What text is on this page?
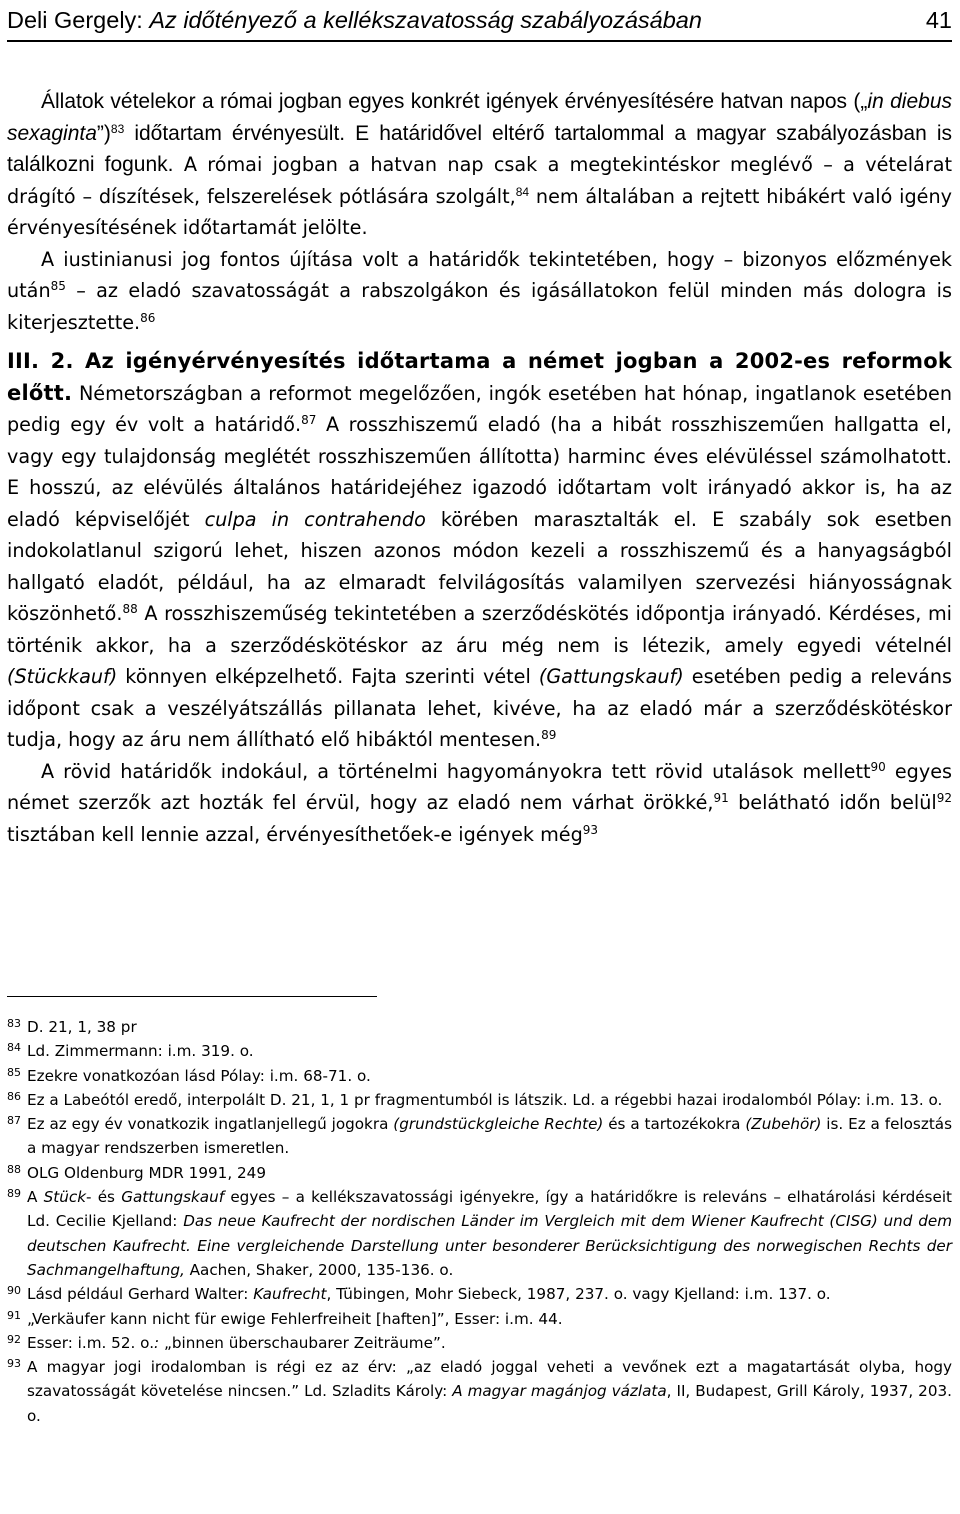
Deli Gergely: Az időtényező a kellékszavatosság szabályozásában	41

Állatok vételekor a római jogban egyes konkrét igények érvényesítésére hatvan napos („in diebus sexaginta”)$^{83}$ időtartam érvényesült. E határidővel eltérő tartalommal a magyar szabályozásban is találkozni fogunk. A római jogban a hatvan nap csak a megtekintéskor meglévő – a vételárat drágító – díszítések, felszerelések pótlására szolgált,$^{84}$ nem általában a rejtett hibákért való igény érvényesítésének időtartamát jelölte.

A iustinianusi jog fontos újítása volt a határidők tekintetében, hogy – bizonyos előzmények után$^{85}$ – az eladó szavatosságát a rabszolgákon és igásállatokon felül minden más dologra is kiterjesztette.$^{86}$

III. 2. Az igényérvényesítés időtartama a német jogban a 2002-es reformok előtt. Németországban a reformot megelőzően, ingók esetében hat hónap, ingatlanok esetében pedig egy év volt a határidő.$^{87}$ A rosszhiszemű eladó (ha a hibát rosszhiszeműen hallgatta el, vagy egy tulajdonság meglétét rosszhiszeműen állította) harminc éves elévüléssel számolhatott. E hosszú, az elévülés általános határidejéhez igazodó időtartam volt irányadó akkor is, ha az eladó képviselőjét culpa in contrahendo körében marasztalták el. E szabály sok esetben indokolatlanul szigorú lehet, hiszen azonos módon kezeli a rosszhiszemű és a hanyagságból hallgató eladót, például, ha az elmaradt felvilágosítás valamilyen szervezési hiányosságnak köszönhető.$^{88}$ A rosszhiszeműség tekintetében a szerződéskötés időpontja irányadó. Kérdéses, mi történik akkor, ha a szerződéskötéskor az áru még nem is létezik, amely egyedi vételnél (Stückkauf) könnyen elképzelhető. Fajta szerinti vétel (Gattungskauf) esetében pedig a releváns időpont csak a veszélyátszállás pillanata lehet, kivéve, ha az eladó már a szerződéskötéskor tudja, hogy az áru nem állítható elő hibáktól mentesen.$^{89}$

A rövid határidők indokául, a történelmi hagyományokra tett rövid utalások mellett$^{90}$ egyes német szerzők azt hozták fel érvül, hogy az eladó nem várhat örökké,$^{91}$ belátható időn belül$^{92}$ tisztában kell lennie azzal, érvényesíthetőek-e igények még$^{93}$

83 D. 21, 1, 38 pr
84 Ld. Zimmermann: i.m. 319. o.
85 Ezekre vonatkozóan lásd Pólay: i.m. 68-71. o.
86 Ez a Labeótól eredő, interpolált D. 21, 1, 1 pr fragmentumból is látszik. Ld. a régebbi hazai irodalomból Pólay: i.m. 13. o.
87 Ez az egy év vonatkozik ingatlanjellegű jogokra (grundstückgleiche Rechte) és a tartozékokra (Zubehör) is. Ez a felosztás a magyar rendszerben ismeretlen.
88 OLG Oldenburg MDR 1991, 249
89 A Stück- és Gattungskauf egyes – a kellékszavatossági igényekre, így a határidőkre is releváns – elhatárolási kérdéseit Ld. Cecilie Kjelland: Das neue Kaufrecht der nordischen Länder im Vergleich mit dem Wiener Kaufrecht (CISG) und dem deutschen Kaufrecht. Eine vergleichende Darstellung unter besonderer Berücksichtigung des norwegischen Rechts der Sachmangelhaftung, Aachen, Shaker, 2000, 135-136. o.
90 Lásd például Gerhard Walter: Kaufrecht, Tübingen, Mohr Siebeck, 1987, 237. o. vagy Kjelland: i.m. 137. o.
91 „Verkäufer kann nicht für ewige Fehlerfreiheit [haften]”, Esser: i.m. 44.
92 Esser: i.m. 52. o.: „binnen überschaubarer Zeiträume”.
93 A magyar jogi irodalomban is régi ez az érv: „az eladó joggal veheti a vevőnek ezt a magatartását olyba, hogy szavatosságát követelése nincsen.” Ld. Szladits Károly: A magyar magánjog vázlata, II, Budapest, Grill Károly, 1937, 203. o.
